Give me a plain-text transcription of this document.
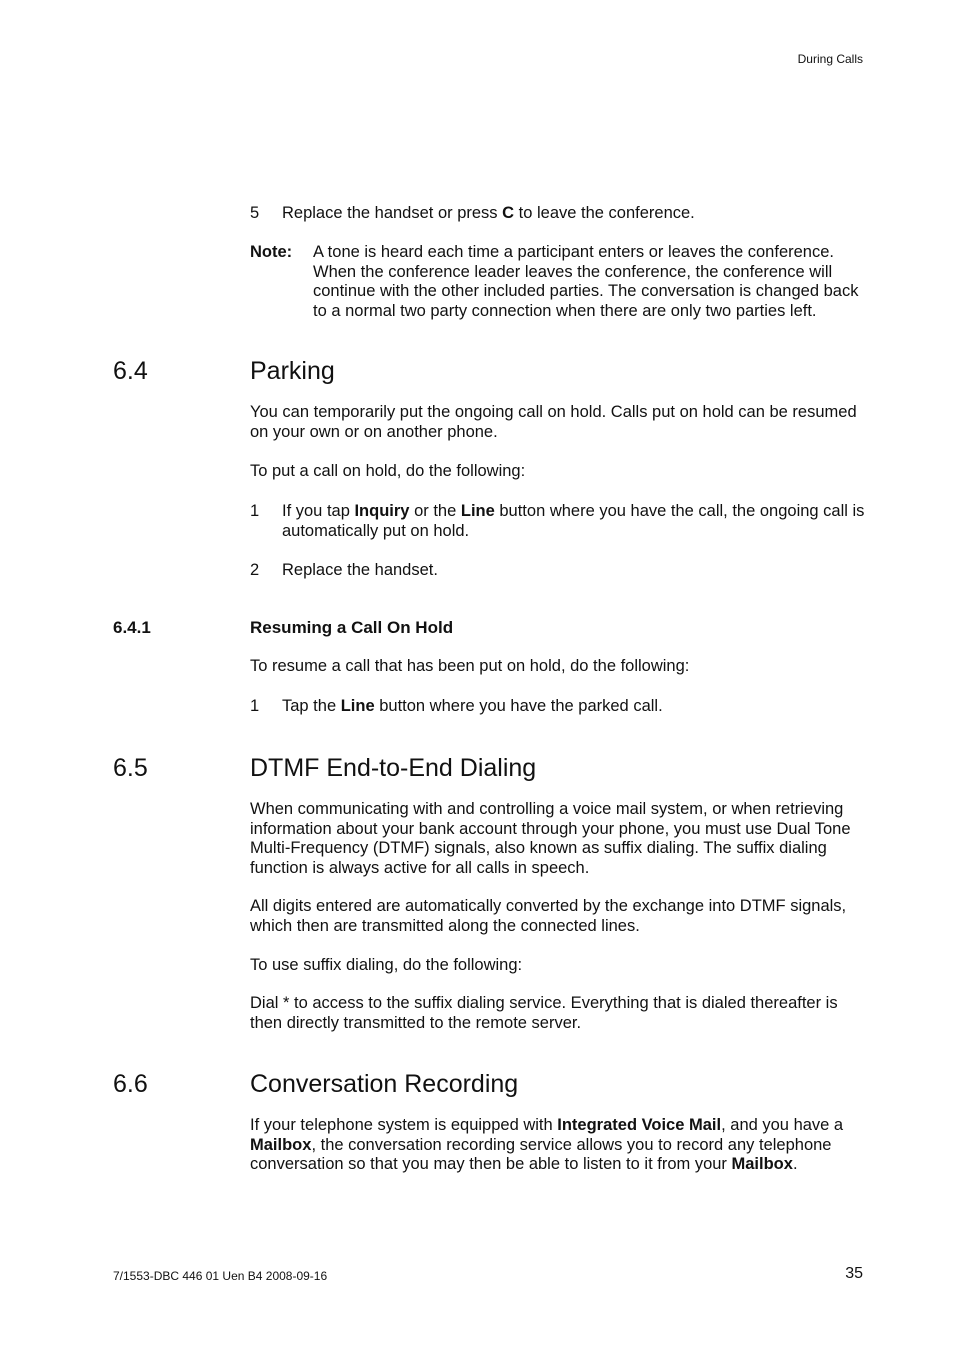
During Calls
5	Replace the handset or press C to leave the conference.
Note: A tone is heard each time a participant enters or leaves the conference. When the conference leader leaves the conference, the conference will continue with the other included parties. The conversation is changed back to a normal two party connection when there are only two parties left.
6.4	Parking
You can temporarily put the ongoing call on hold. Calls put on hold can be resumed on your own or on another phone.
To put a call on hold, do the following:
1	If you tap Inquiry or the Line button where you have the call, the ongoing call is automatically put on hold.
2	Replace the handset.
6.4.1	Resuming a Call On Hold
To resume a call that has been put on hold, do the following:
1	Tap the Line button where you have the parked call.
6.5	DTMF End-to-End Dialing
When communicating with and controlling a voice mail system, or when retrieving information about your bank account through your phone, you must use Dual Tone Multi-Frequency (DTMF) signals, also known as suffix dialing. The suffix dialing function is always active for all calls in speech.
All digits entered are automatically converted by the exchange into DTMF signals, which then are transmitted along the connected lines.
To use suffix dialing, do the following:
Dial * to access to the suffix dialing service. Everything that is dialed thereafter is then directly transmitted to the remote server.
6.6	Conversation Recording
If your telephone system is equipped with Integrated Voice Mail, and you have a Mailbox, the conversation recording service allows you to record any telephone conversation so that you may then be able to listen to it from your Mailbox.
7/1553-DBC 446 01 Uen B4 2008-09-16	35
